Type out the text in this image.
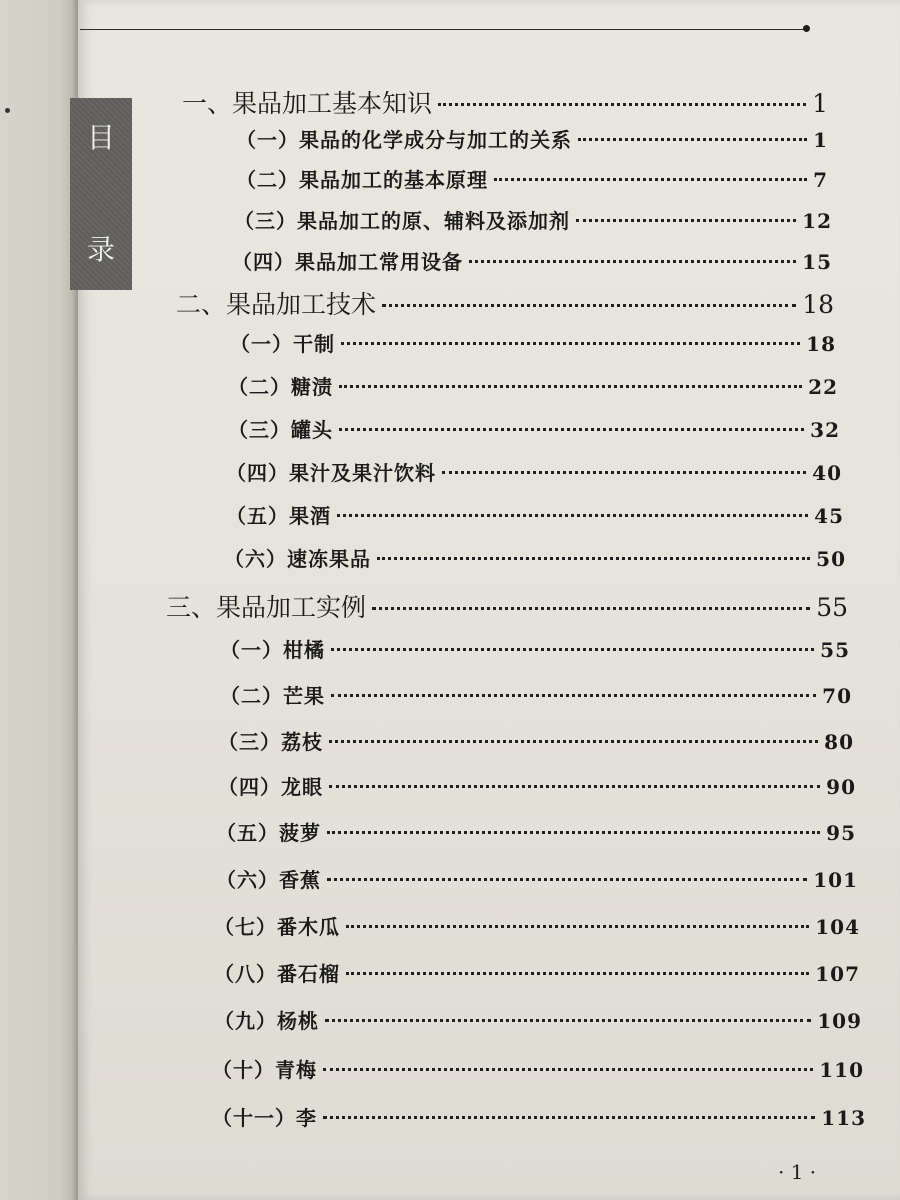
目
录
一、果品加工基本知识	1
（一）果品的化学成分与加工的关系	1
（二）果品加工的基本原理	7
（三）果品加工的原、辅料及添加剂	12
（四）果品加工常用设备	15
二、果品加工技术	18
（一）干制	18
（二）糖渍	22
（三）罐头	32
（四）果汁及果汁饮料	40
（五）果酒	45
（六）速冻果品	50
三、果品加工实例	55
（一）柑橘	55
（二）芒果	70
（三）荔枝	80
（四）龙眼	90
（五）菠萝	95
（六）香蕉	101
（七）番木瓜	104
（八）番石榴	107
（九）杨桃	109
（十）青梅	110
（十一）李	113
· 1 ·
